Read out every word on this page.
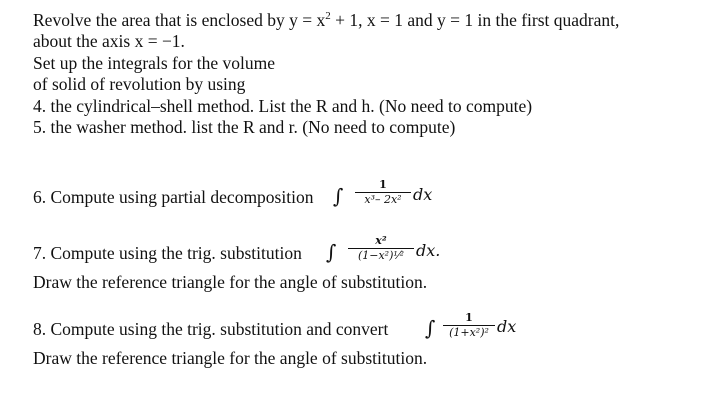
Revolve the area that is enclosed by $y = x^2 + 1$, x = 1 and y = 1 in the first quadrant,
about the axis x = −1.
Set up the integrals for the volume
of solid of revolution by using
4. the cylindrical–shell method. List the R and h. (No need to compute)
5. the washer method. list the R and r. (No need to compute)
6. Compute using partial decomposition ∫	1
x³– 2x² dx
7. Compute using the trig. substitution ∫	x²
(1−x²)¹⁄² dx.
Draw the reference triangle for the angle of substitution.
8. Compute using the trig. substitution and convert ∫	1
(1+x²)² dx
Draw the reference triangle for the angle of substitution.
